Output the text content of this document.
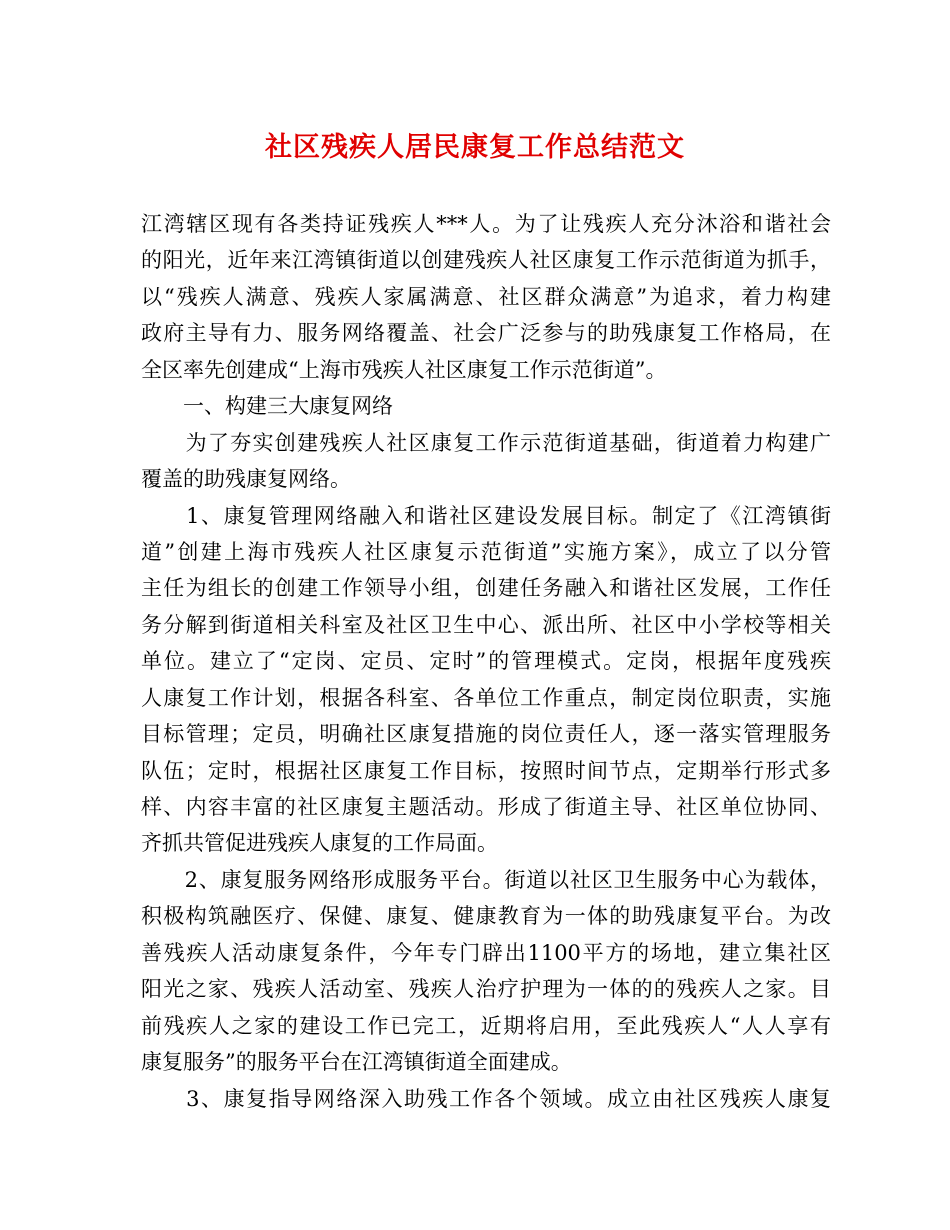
社区残疾人居民康复工作总结范文
江湾辖区现有各类持证残疾人***人。为了让残疾人充分沐浴和谐社会
的阳光，近年来江湾镇街道以创建残疾人社区康复工作示范街道为抓手，
以“残疾人满意、残疾人家属满意、社区群众满意”为追求，着力构建
政府主导有力、服务网络覆盖、社会广泛参与的助残康复工作格局，在
全区率先创建成“上海市残疾人社区康复工作示范街道”。
　　一、构建三大康复网络
　　为了夯实创建残疾人社区康复工作示范街道基础，街道着力构建广
覆盖的助残康复网络。
　　1、康复管理网络融入和谐社区建设发展目标。制定了《江湾镇街
道”创建上海市残疾人社区康复示范街道”实施方案》，成立了以分管
主任为组长的创建工作领导小组，创建任务融入和谐社区发展，工作任
务分解到街道相关科室及社区卫生中心、派出所、社区中小学校等相关
单位。建立了“定岗、定员、定时”的管理模式。定岗，根据年度残疾
人康复工作计划，根据各科室、各单位工作重点，制定岗位职责，实施
目标管理；定员，明确社区康复措施的岗位责任人，逐一落实管理服务
队伍；定时，根据社区康复工作目标，按照时间节点，定期举行形式多
样、内容丰富的社区康复主题活动。形成了街道主导、社区单位协同、
齐抓共管促进残疾人康复的工作局面。
　　2、康复服务网络形成服务平台。街道以社区卫生服务中心为载体，
积极构筑融医疗、保健、康复、健康教育为一体的助残康复平台。为改
善残疾人活动康复条件，今年专门辟出1100平方的场地，建立集社区
阳光之家、残疾人活动室、残疾人治疗护理为一体的的残疾人之家。目
前残疾人之家的建设工作已完工，近期将启用，至此残疾人“人人享有
康复服务”的服务平台在江湾镇街道全面建成。
　　3、康复指导网络深入助残工作各个领域。成立由社区残疾人康复
